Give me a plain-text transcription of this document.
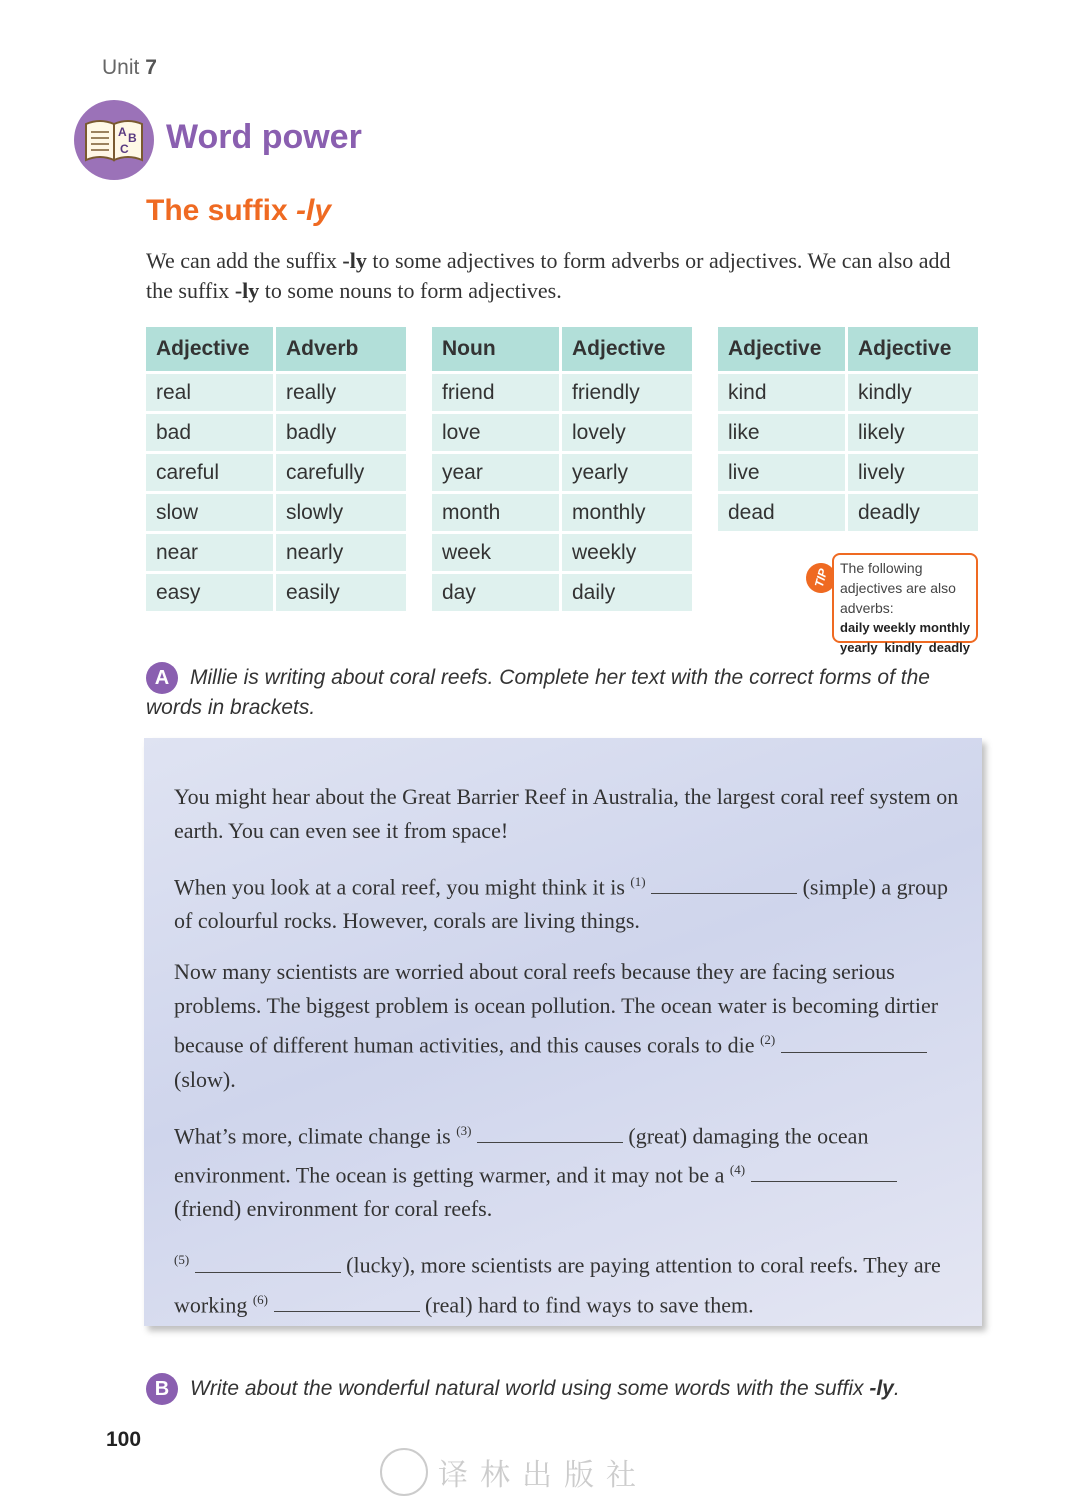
Unit 7
A B
C Word power
The suffix -ly
We can add the suffix -ly to some adjectives to form adverbs or adjectives. We can also add the suffix -ly to some nouns to form adjectives.
Adjective	Adverb
real	really
bad	badly
careful	carefully
slow	slowly
near	nearly
easy	easily
Noun	Adjective
friend	friendly
love	lovely
year	yearly
month	monthly
week	weekly
day	daily
Adjective	Adjective
kind	kindly
like	likely
live	lively
dead	deadly
TIP The following adjectives are also adverbs:
daily weekly monthly
yearly kindly deadly
A Millie is writing about coral reefs. Complete her text with the correct forms of the words in brackets.

You might hear about the Great Barrier Reef in Australia, the largest coral reef system on earth. You can even see it from space!

When you look at a coral reef, you might think it is $^{(1)}$	(simple) a group of colourful rocks. However, corals are living things.

Now many scientists are worried about coral reefs because they are facing serious problems. The biggest problem is ocean pollution. The ocean water is becoming dirtier because of different human activities, and this causes corals to die $^{(2)}$  (slow).

What’s more, climate change is $^{(3)}$	(great) damaging the ocean environment. The ocean is getting warmer, and it may not be a $^{(4)}$  (friend) environment for coral reefs.

$^{(5)}$	(lucky), more scientists are paying attention to coral reefs. They are working $^{(6)}$	(real) hard to find ways to save them.

B Write about the wonderful natural world using some words with the suffix -ly.
100
译林出版社
